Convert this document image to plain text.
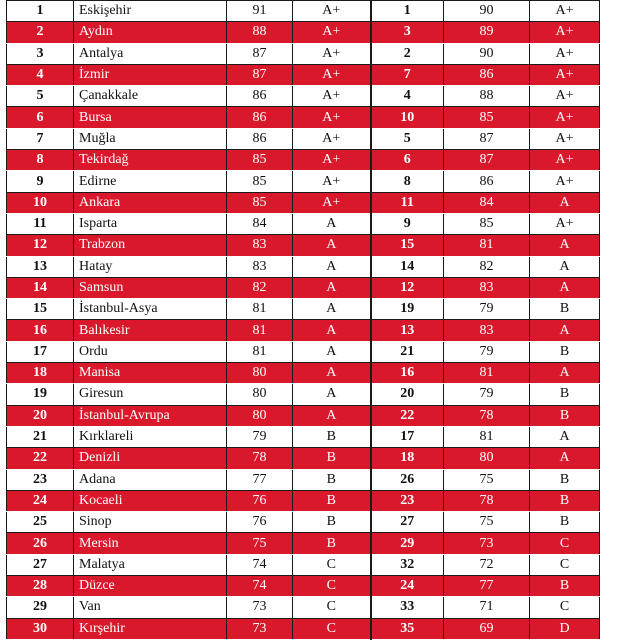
1	Eskişehir	91	A+	1	90	A+
2	Aydın	88	A+	3	89	A+
3	Antalya	87	A+	2	90	A+
4	İzmir	87	A+	7	86	A+
5	Çanakkale	86	A+	4	88	A+
6	Bursa	86	A+	10	85	A+
7	Muğla	86	A+	5	87	A+
8	Tekirdağ	85	A+	6	87	A+
9	Edirne	85	A+	8	86	A+
10	Ankara	85	A+	11	84	A
11	Isparta	84	A	9	85	A+
12	Trabzon	83	A	15	81	A
13	Hatay	83	A	14	82	A
14	Samsun	82	A	12	83	A
15	İstanbul-Asya	81	A	19	79	B
16	Balıkesir	81	A	13	83	A
17	Ordu	81	A	21	79	B
18	Manisa	80	A	16	81	A
19	Giresun	80	A	20	79	B
20	İstanbul-Avrupa	80	A	22	78	B
21	Kırklareli	79	B	17	81	A
22	Denizli	78	B	18	80	A
23	Adana	77	B	26	75	B
24	Kocaeli	76	B	23	78	B
25	Sinop	76	B	27	75	B
26	Mersin	75	B	29	73	C
27	Malatya	74	C	32	72	C
28	Düzce	74	C	24	77	B
29	Van	73	C	33	71	C
30	Kırşehir	73	C	35	69	D
